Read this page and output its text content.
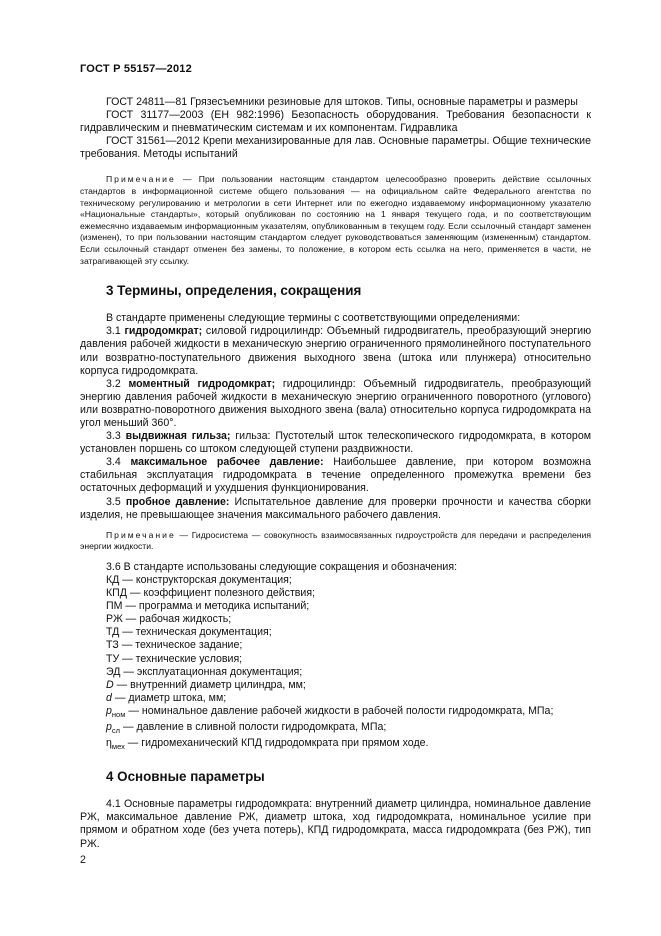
ГОСТ Р 55157—2012

ГОСТ 24811—81 Грязесъемники резиновые для штоков. Типы, основные параметры и размеры

ГОСТ 31177—2003 (ЕН 982:1996) Безопасность оборудования. Требования безопасности к гидравлическим и пневматическим системам и их компонентам. Гидравлика

ГОСТ 31561—2012 Крепи механизированные для лав. Основные параметры. Общие технические требования. Методы испытаний

Примечание — При пользовании настоящим стандартом целесообразно проверить действие ссылочных стандартов в информационной системе общего пользования — на официальном сайте Федерального агентства по техническому регулированию и метрологии в сети Интернет или по ежегодно издаваемому информационному указателю «Национальные стандарты», который опубликован по состоянию на 1 января текущего года, и по соответствующим ежемесячно издаваемым информационным указателям, опубликованным в текущем году. Если ссылочный стандарт заменен (изменен), то при пользовании настоящим стандартом следует руководствоваться заменяющим (измененным) стандартом. Если ссылочный стандарт отменен без замены, то положение, в котором есть ссылка на него, применяется в части, не затрагивающей эту ссылку.

3 Термины, определения, сокращения

В стандарте применены следующие термины с соответствующими определениями:

3.1 гидродомкрат; силовой гидроцилиндр: Объемный гидродвигатель, преобразующий энергию давления рабочей жидкости в механическую энергию ограниченного прямолинейного поступательного или возвратно-поступательного движения выходного звена (штока или плунжера) относительно корпуса гидродомкрата.

3.2 моментный гидродомкрат; гидроцилиндр: Объемный гидродвигатель, преобразующий энергию давления рабочей жидкости в механическую энергию ограниченного поворотного (углового) или возвратно-поворотного движения выходного звена (вала) относительно корпуса гидродомкрата на угол меньший 360°.

3.3 выдвижная гильза; гильза: Пустотелый шток телескопического гидродомкрата, в котором установлен поршень со штоком следующей ступени раздвижности.

3.4 максимальное рабочее давление: Наибольшее давление, при котором возможна стабильная эксплуатация гидродомкрата в течение определенного промежутка времени без остаточных деформаций и ухудшения функционирования.

3.5 пробное давление: Испытательное давление для проверки прочности и качества сборки изделия, не превышающее значения максимального рабочего давления.

Примечание — Гидросистема — совокупность взаимосвязанных гидроустройств для передачи и распределения энергии жидкости.

3.6 В стандарте использованы следующие сокращения и обозначения:

КД — конструкторская документация;

КПД — коэффициент полезного действия;

ПМ — программа и методика испытаний;

РЖ — рабочая жидкость;

ТД — техническая документация;

ТЗ — техническое задание;

ТУ — технические условия;

ЭД — эксплуатационная документация;

D — внутренний диаметр цилиндра, мм;

d — диаметр штока, мм;

$p_{ном}$ — номинальное давление рабочей жидкости в рабочей полости гидродомкрата, МПа;

$p_{сл}$ — давление в сливной полости гидродомкрата, МПа;

$\eta_{мех}$ — гидромеханический КПД гидродомкрата при прямом ходе.

4 Основные параметры

4.1 Основные параметры гидродомкрата: внутренний диаметр цилиндра, номинальное давление РЖ, максимальное давление РЖ, диаметр штока, ход гидродомкрата, номинальное усилие при прямом и обратном ходе (без учета потерь), КПД гидродомкрата, масса гидродомкрата (без РЖ), тип РЖ.

2
